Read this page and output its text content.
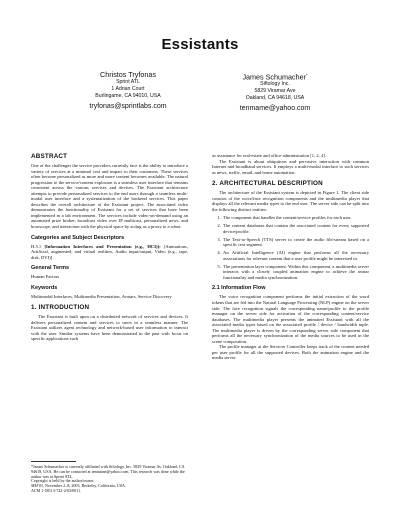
Essistants
Christos Tryfonas
Sprint ATL
1 Adrian Court
Burlingame, CA 94010, USA
tryfonas@sprintlabs.com
James Schumacher*
Siftology Inc.
5829 Viramar Ave
Oakland, CA 94618, USA
tenmame@yahoo.com
ABSTRACT

One of the challenges the service providers currently face is the ability to introduce a variety of services at a minimal cost and impact to their customers. These services often become personalized as more and more content becomes available. The natural progression to the service/content explosion is a seamless user interface that remains consistent across the various services and devices. The Essistant architecture attempts to provide personalized services to the end users through a seamless multi-modal user interface and a systematization of the backend services. This paper describes the overall architecture of the Essistant project. The associated video demonstrates the functionality of Essistant for a set of services that have been implemented in a lab environment. The services include video-on-demand using an automated prize broker, broadcast video over IP multicast, personalized news, and horoscope, and interaction with the physical space by acting as a proxy to a robot.

Categories and Subject Descriptors

H.5.1 [Information Interfaces and Presentation (e.g., HCI)]: [Animations, Artificial, augmented, and virtual realities, Audio input/output, Video (e.g., tape, disk, DVI)]

General Terms

Human Factors

Keywords

Multimodal Interfaces, Multimedia Presentation, Avatars, Service Discovery

1. INTRODUCTION

The Essistant is built upon on a distributed network of services and devices. It delivers personalized content and services to users in a seamless manner. The Essistant utilizes agent technology and network-based user information to interact with the user. Similar systems have been demonstrated in the past with focus on specific applications such

*James Schumacher is currently affiliated with Siftology, Inc. 5829 Viramar Av. Oakland, CA 94618, USA. He can be contacted at tenmame@yahoo.com. This research was done while the author was at Sprint ATL.
Copyright is held by the author/owner.
MM'03, November 2–8, 2003, Berkeley, California, USA.
ACM 1-58113-722-2/03/0011.

as assistance for real-estate and office administration [1, 2, 4].

The Essistant is about ubiquitous and pervasive interaction with common Internet and broadband services. It employs a multi-modal interface to such services as news, traffic, email, and home automation.

2. ARCHITECTURAL DESCRIPTION

The architecture of the Essistant system is depicted in Figure 1. The client side consists of the voice/face recognition components and the multimedia player that displays all the relevant media types to the end user. The server side can be split into the following distinct entities:

1. The component that handles the content/service profiles for each user.
2. The content databases that contain the associated content for every supported device/profile.
3. The Text-to-Speech (TTS) server to create the audio file/stream based on a specific text segment.
4. An Artificial Intelligence (AI) engine that performs all the necessary associations for relevant content that a user profile might be interested in.
5. The presentation layer component. Within this component, a multimedia server interacts with a closely coupled animation engine to achieve the avatar functionality and media synchronization.
2.1 Information Flow

The voice recognition component performs the initial extraction of the word tokens that are fed into the Natural Language Processing (NLP) engine on the server side. The face recognition signals the corresponding name/profile to the profile manager on the server side for activation of the corresponding content/service databases. The multimedia player presents the animated Essistant with all the associated media types based on the associated profile / device / bandwidth tuple. The multimedia player is driven by the corresponding server side component that performs all the necessary synchronization of the media sources to be used in the scene composition.

The profile manager at the Services Controller keeps track of the content needed per user profile for all the supported devices. Both the animation engine and the media server
